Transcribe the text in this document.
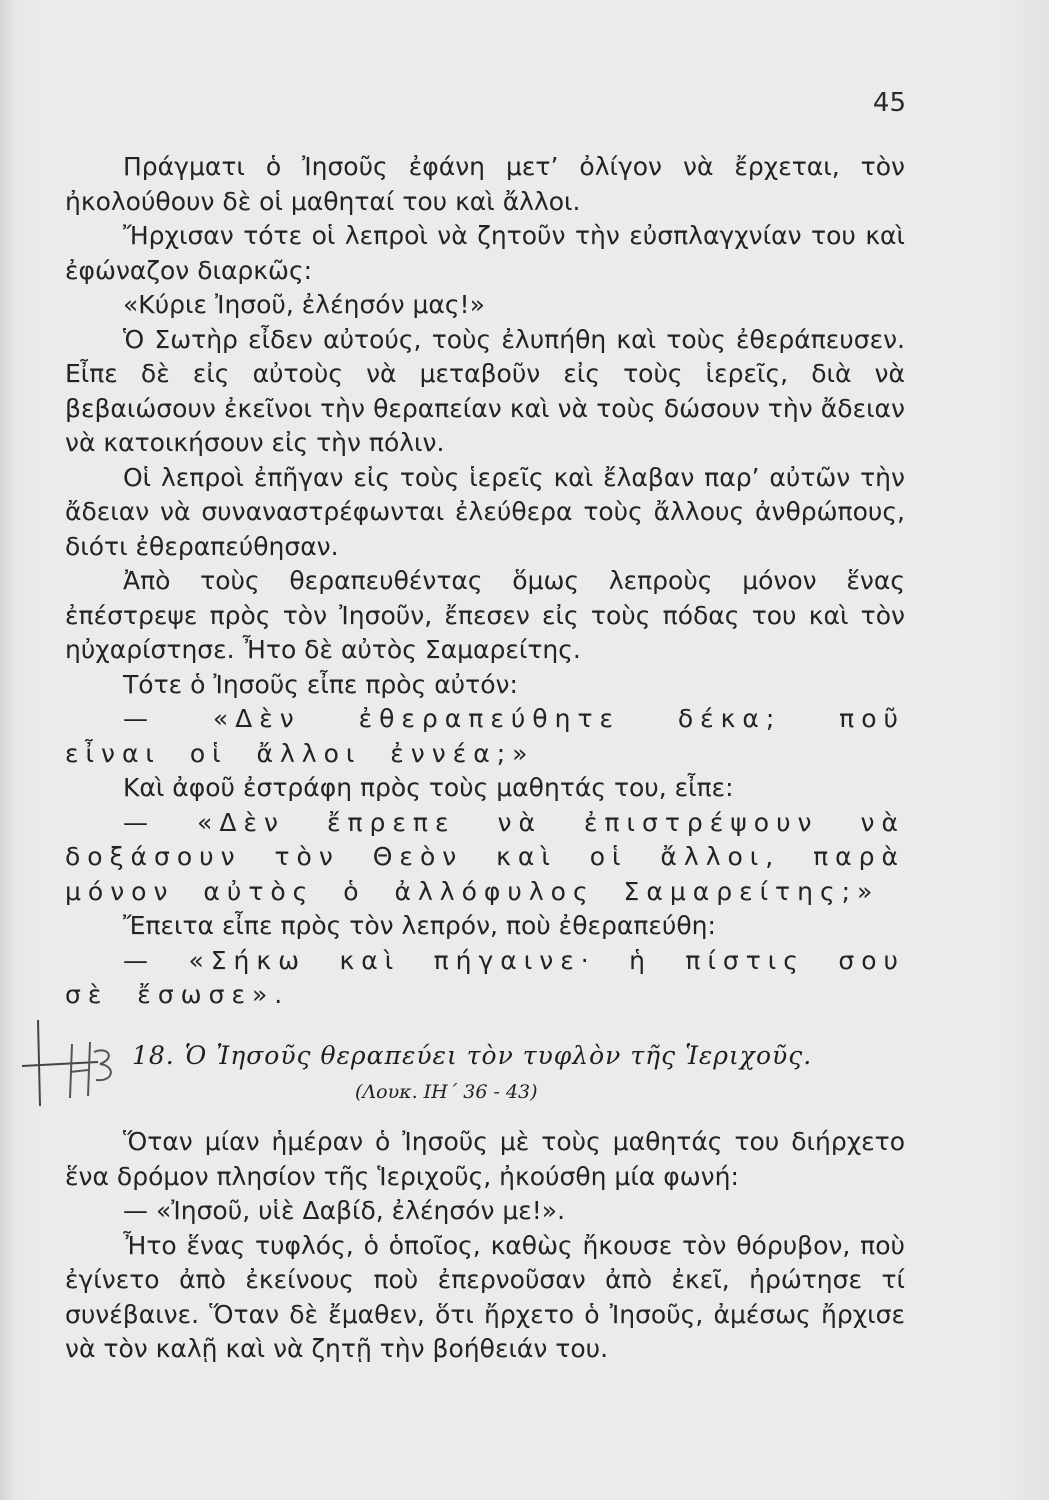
45

Πράγματι ὁ Ἰησοῦς ἐφάνη μετ’ ὀλίγον νὰ ἔρχεται, τὸν ἠκολούθουν δὲ οἱ μαθηταί του καὶ ἄλλοι.

Ἤρχισαν τότε οἱ λεπροὶ νὰ ζητοῦν τὴν εὐσπλαγχνίαν του καὶ ἐφώναζον διαρκῶς:

«Κύριε Ἰησοῦ, ἐλέησόν μας!»

Ὁ Σωτὴρ εἶδεν αὐτούς, τοὺς ἐλυπήθη καὶ τοὺς ἐθεράπευσεν. Εἶπε δὲ εἰς αὐτοὺς νὰ μεταβοῦν εἰς τοὺς ἱερεῖς, διὰ νὰ βεβαιώσουν ἐκεῖνοι τὴν θεραπείαν καὶ νὰ τοὺς δώσουν τὴν ἄδειαν νὰ κατοικήσουν εἰς τὴν πόλιν.

Οἱ λεπροὶ ἐπῆγαν εἰς τοὺς ἱερεῖς καὶ ἔλαβαν παρ’ αὐτῶν τὴν ἄδειαν νὰ συναναστρέφωνται ἐλεύθερα τοὺς ἄλλους ἀνθρώπους, διότι ἐθεραπεύθησαν.

Ἀπὸ τοὺς θεραπευθέντας ὅμως λεπροὺς μόνον ἕνας ἐπέστρεψε πρὸς τὸν Ἰησοῦν, ἔπεσεν εἰς τοὺς πόδας του καὶ τὸν ηὐχαρίστησε. Ἦτο δὲ αὐτὸς Σαμαρείτης.

Τότε ὁ Ἰησοῦς εἶπε πρὸς αὐτόν:

— «Δὲν ἐθεραπεύθητε δέκα; ποῦ εἶναι οἱ ἄλλοι ἐννέα;»

Καὶ ἀφοῦ ἐστράφη πρὸς τοὺς μαθητάς του, εἶπε:

— «Δὲν ἔπρεπε νὰ ἐπιστρέψουν νὰ δοξάσουν τὸν Θεὸν καὶ οἱ ἄλλοι, παρὰ μόνον αὐτὸς ὁ ἀλλόφυλος Σαμαρείτης;»

Ἔπειτα εἶπε πρὸς τὸν λεπρόν, ποὺ ἐθεραπεύθη:

— «Σήκω καὶ πήγαινε· ἡ πίστις σου σὲ ἔσωσε».

18. Ὁ Ἰησοῦς θεραπεύει τὸν τυφλὸν τῆς Ἱεριχοῦς.
(Λουκ. ΙΗ΄ 36 - 43)

Ὅταν μίαν ἡμέραν ὁ Ἰησοῦς μὲ τοὺς μαθητάς του διήρχετο ἕνα δρόμον πλησίον τῆς Ἱεριχοῦς, ἠκούσθη μία φωνή:

— «Ἰησοῦ, υἱὲ Δαβίδ, ἐλέησόν με!».

Ἦτο ἕνας τυφλός, ὁ ὁποῖος, καθὼς ἤκουσε τὸν θόρυβον, ποὺ ἐγίνετο ἀπὸ ἐκείνους ποὺ ἐπερνοῦσαν ἀπὸ ἐκεῖ, ἠρώτησε τί συνέβαινε. Ὅταν δὲ ἔμαθεν, ὅτι ἤρχετο ὁ Ἰησοῦς, ἀμέσως ἤρχισε νὰ τὸν καλῇ καὶ νὰ ζητῇ τὴν βοήθειάν του.
